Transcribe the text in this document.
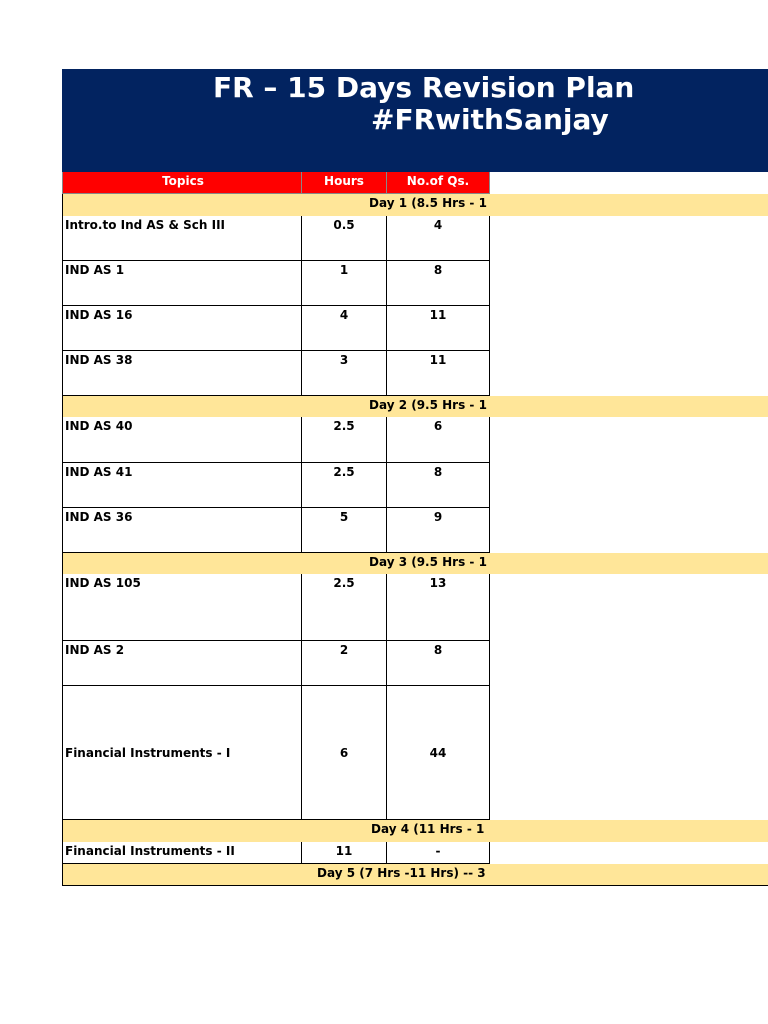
FR – 15 Days Revision Plan
#FRwithSanjay
Topics	Hours	No.of Qs.
Day 1 (8.5 Hrs - 1
Intro.to Ind AS & Sch III	0.5	4
IND AS 1	1	8
IND AS 16	4	11
IND AS 38	3	11
Day 2 (9.5 Hrs - 1
IND AS 40	2.5	6
IND AS 41	2.5	8
IND AS 36	5	9
Day 3 (9.5 Hrs - 1
IND AS 105	2.5	13
IND AS 2	2	8
Financial Instruments - I	6	44
Day 4 (11 Hrs - 1
Financial Instruments - II	11	-
Day 5 (7 Hrs -11 Hrs) -- 3
